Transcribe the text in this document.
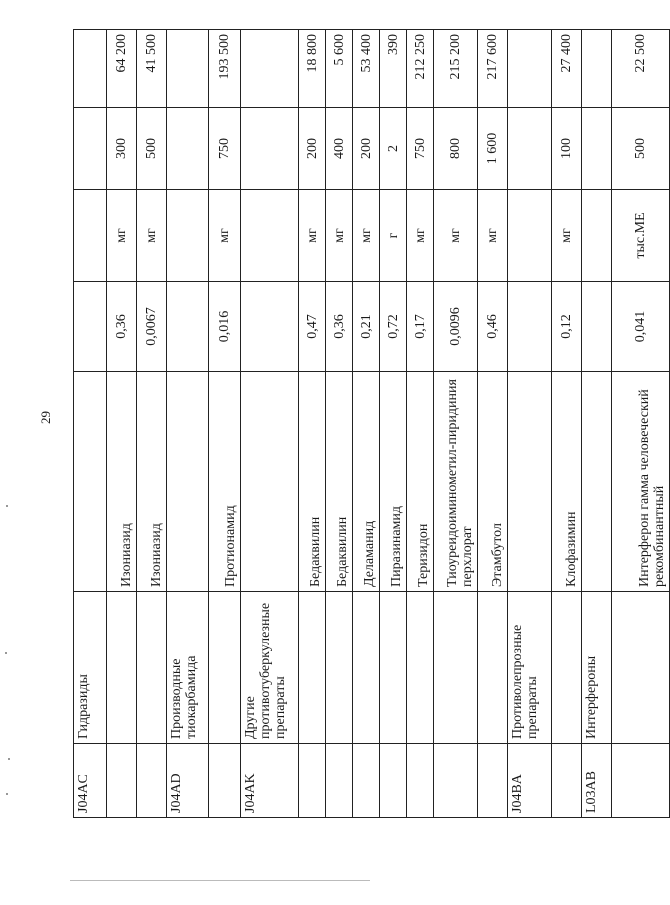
29
J04AC	Гидразиды					
		Изониазид	0,36	мг	300	64 200
		Изониазид	0,0067	мг	500	41 500
J04AD	Производные тиокарбамида					
		Протионамид	0,016	мг	750	193 500
J04AK	Другие противотуберкулезные препараты					
		Бедаквилин	0,47	мг	200	18 800
		Бедаквилин	0,36	мг	400	5 600
		Деламанид	0,21	мг	200	53 400
		Пиразинамид	0,72	г	2	390
		Теризидон	0,17	мг	750	212 250
		Тиоуреидоиминометил-пиридиния перхлорат	0,0096	мг	800	215 200
		Этамбутол	0,46	мг	1 600	217 600
J04BA	Противолепрозные препараты					
		Клофазимин	0,12	мг	100	27 400
L03AB	Интерфероны					
		Интерферон гамма человеческий рекомбинантный	0,041	тыс.МЕ	500	22 500
